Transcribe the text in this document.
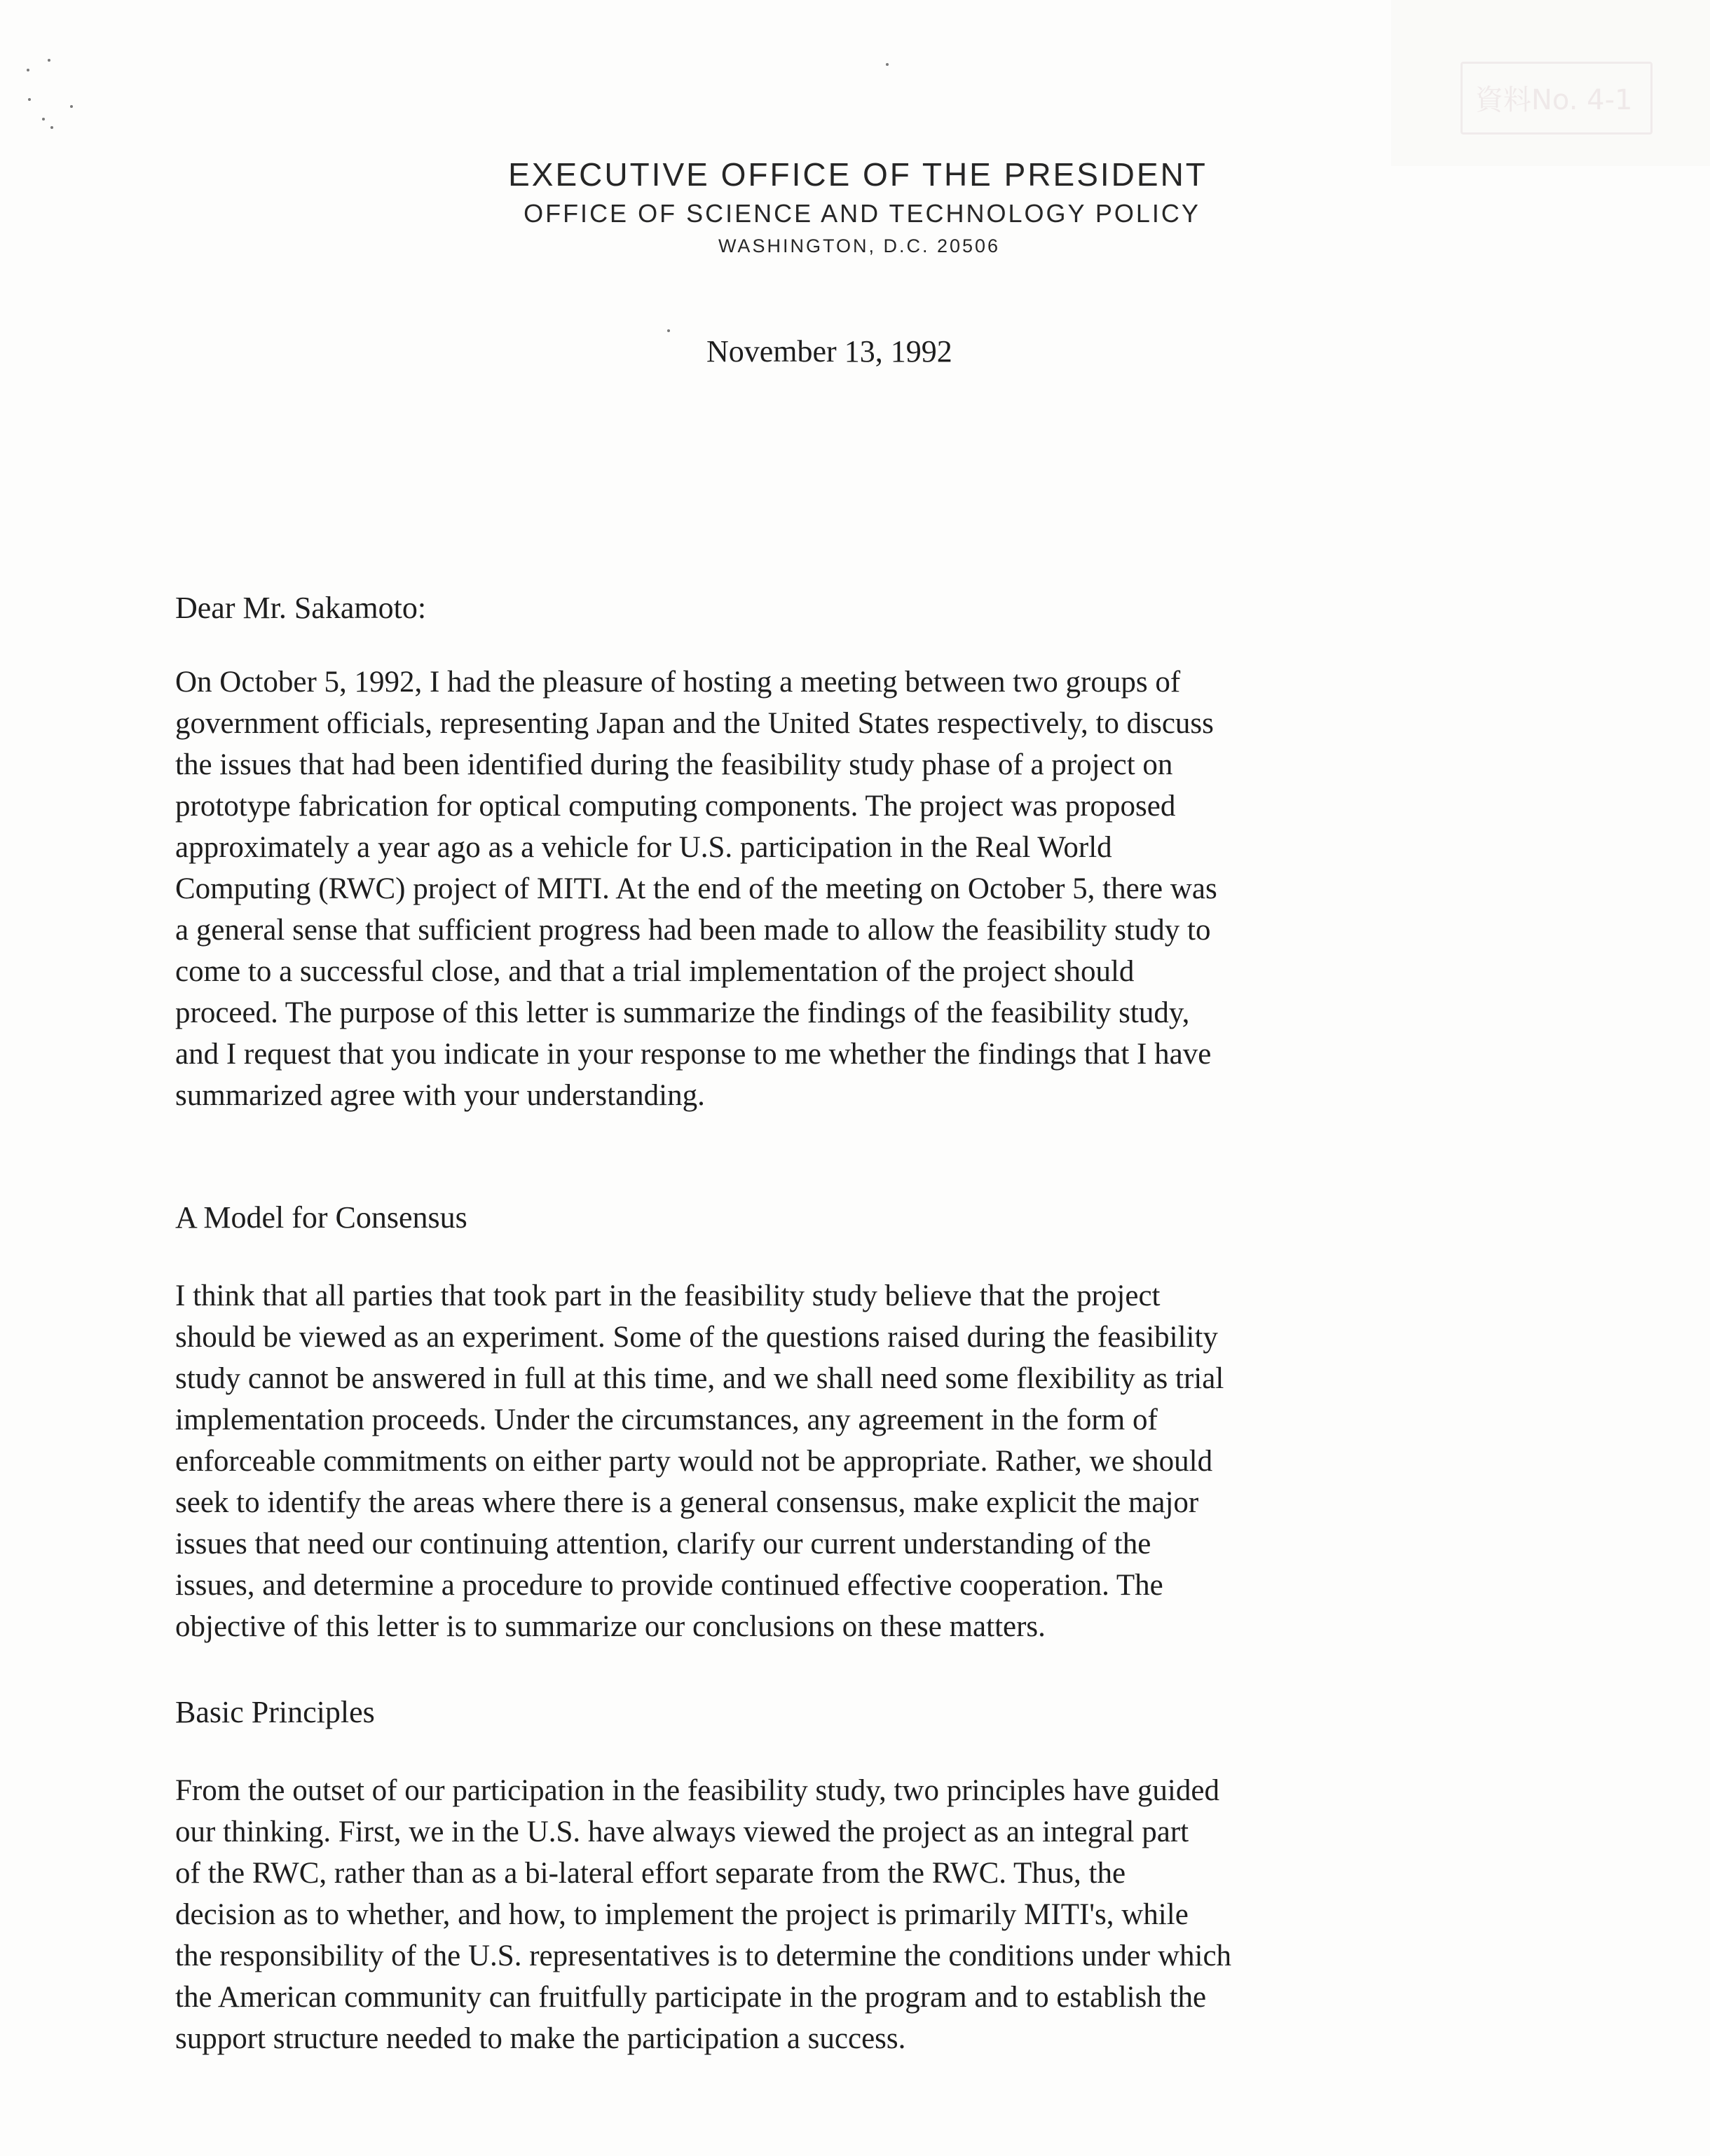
資料No. 4-1
EXECUTIVE OFFICE OF THE PRESIDENT
OFFICE OF SCIENCE AND TECHNOLOGY POLICY
WASHINGTON, D.C. 20506
November 13, 1992
Dear Mr. Sakamoto:
On October 5, 1992, I had the pleasure of hosting a meeting between two groups of
government officials, representing Japan and the United States respectively, to discuss
the issues that had been identified during the feasibility study phase of a project on
prototype fabrication for optical computing components. The project was proposed
approximately a year ago as a vehicle for U.S. participation in the Real World
Computing (RWC) project of MITI. At the end of the meeting on October 5, there was
a general sense that sufficient progress had been made to allow the feasibility study to
come to a successful close, and that a trial implementation of the project should
proceed. The purpose of this letter is summarize the findings of the feasibility study,
and I request that you indicate in your response to me whether the findings that I have
summarized agree with your understanding.
A Model for Consensus
I think that all parties that took part in the feasibility study believe that the project
should be viewed as an experiment. Some of the questions raised during the feasibility
study cannot be answered in full at this time, and we shall need some flexibility as trial
implementation proceeds. Under the circumstances, any agreement in the form of
enforceable commitments on either party would not be appropriate. Rather, we should
seek to identify the areas where there is a general consensus, make explicit the major
issues that need our continuing attention, clarify our current understanding of the
issues, and determine a procedure to provide continued effective cooperation. The
objective of this letter is to summarize our conclusions on these matters.
Basic Principles
From the outset of our participation in the feasibility study, two principles have guided
our thinking. First, we in the U.S. have always viewed the project as an integral part
of the RWC, rather than as a bi-lateral effort separate from the RWC. Thus, the
decision as to whether, and how, to implement the project is primarily MITI's, while
the responsibility of the U.S. representatives is to determine the conditions under which
the American community can fruitfully participate in the program and to establish the
support structure needed to make the participation a success.
